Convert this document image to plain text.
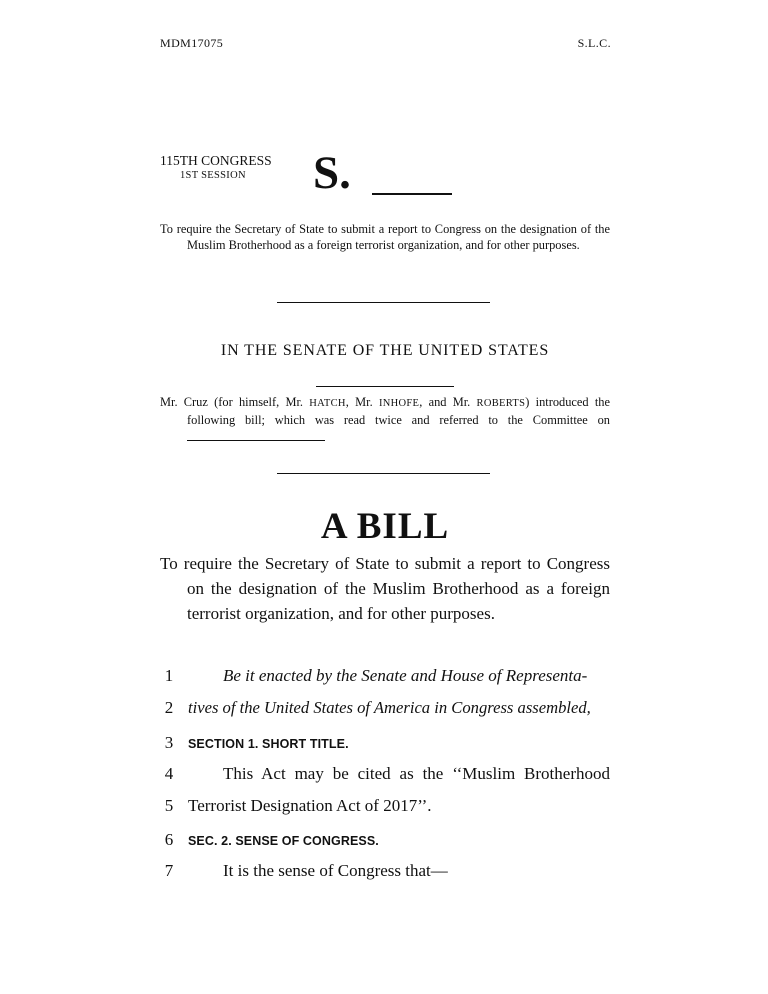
MDM17075	S.L.C.
115TH CONGRESS
1ST SESSION	S.
To require the Secretary of State to submit a report to Congress on the designation of the Muslim Brotherhood as a foreign terrorist organization, and for other purposes.
IN THE SENATE OF THE UNITED STATES
Mr. Cruz (for himself, Mr. HATCH, Mr. INHOFE, and Mr. ROBERTS) introduced the following bill; which was read twice and referred to the Committee on
A BILL
To require the Secretary of State to submit a report to Congress on the designation of the Muslim Brotherhood as a foreign terrorist organization, and for other purposes.
1	Be it enacted by the Senate and House of Representa-
2 tives of the United States of America in Congress assembled,
3	SECTION 1. SHORT TITLE.
4	This Act may be cited as the ‘‘Muslim Brotherhood
5 Terrorist Designation Act of 2017’’.
6	SEC. 2. SENSE OF CONGRESS.
7	It is the sense of Congress that—
